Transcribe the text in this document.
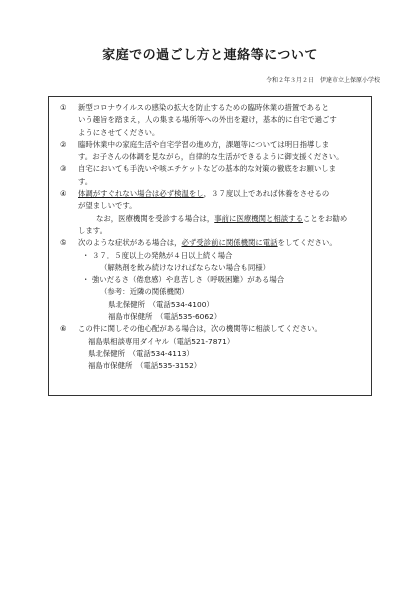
家庭での過ごし方と連絡等について
令和２年３月２日　伊達市立上保原小学校
① 新型コロナウイルスの感染の拡大を防止するための臨時休業の措置であると

いう趣旨を踏まえ，人の集まる場所等への外出を避け，基本的に自宅で過ごす

ようにさせてください。

② 臨時休業中の家庭生活や自宅学習の進め方，課題等については明日指導しま

す。お子さんの体調を見ながら，自律的な生活ができるように御支援ください。

③ 自宅においても手洗いや咳エチケットなどの基本的な対策の徹底をお願いしま

す。

④ 体調がすぐれない場合は必ず検温をし，３７度以上であれば休養をさせるの

が望ましいです。

なお，医療機関を受診する場合は，事前に医療機関と相談することをお勧め

します。

⑤ 次のような症状がある場合は，必ず受診前に関係機関に電話をしてください。

・ ３７．５度以上の発熱が４日以上続く場合

（解熱剤を飲み続けなければならない場合も同様）

・ 強いだるさ（倦怠感）や息苦しさ（呼吸困難）がある場合

（参考：近隣の関係機関）

県北保健所　（電話534-4100）

福島市保健所　（電話535-6062）

⑥ この件に関しその他心配がある場合は，次の機関等に相談してください。

福島県相談専用ダイヤル（電話521-7871）

県北保健所　（電話534-4113）

福島市保健所　（電話535-3152）
